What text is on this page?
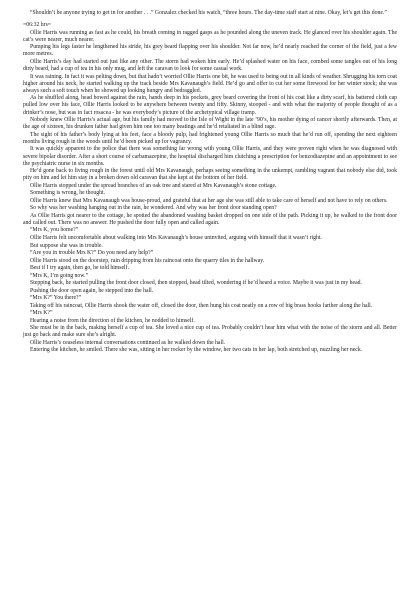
“Shouldn’t be anyone trying to get in for another . . .” Gonzalez checked his watch, “three hours. The day-time staff start at nine. Okay, let’s get this done.”

=06:32 hrs=

Ollie Harris was running as fast as he could, his breath coming in ragged gasps as he pounded along the uneven track. He glanced over his shoulder again. The cat’s were nearer, much nearer.

Pumping his legs faster he lengthened his stride, his grey beard flapping over his shoulder. Not far now, he’d nearly reached the corner of the field, just a few more metres.

Ollie Harris’s day had started out just like any other. The storm had woken him early. He’d splashed water on his face, combed some tangles out of his long dirty beard, had a cup of tea in his only mug, and left the caravan to look for some casual work.

It was raining. In fact it was pelting down, but that hadn’t worried Ollie Harris one bit, he was used to being out in all kinds of weather. Shrugging his torn coat higher around his neck, he started walking up the track beside Mrs Kavanaugh’s field. He’d go and offer to cut her some firewood for her winter stock; she was always such a soft touch when he showed up looking hungry and bedraggled.

As he shuffled along, head bowed against the rain, hands deep in his pockets, grey beard covering the front of his coat like a dirty scarf, his battered cloth cap pulled low over his face, Ollie Harris looked to be anywhere between twenty and fifty. Skinny, stooped - and with what the majority of people thought of as a drinker’s nose, but was in fact rosacea - he was everybody’s picture of the archetypical village tramp.

Nobody knew Ollie Harris’s actual age, but his family had moved to the Isle of Wight in the late ’90’s, his mother dying of cancer shortly afterwards. Then, at the age of sixteen, his drunken father had given him one too many beatings and he’d retaliated in a blind rage.

The sight of his father’s body lying at his feet, face a bloody pulp, had frightened young Ollie Harris so much that he’d run off, spending the next eighteen months living rough in the woods until he’d been picked up for vagrancy.

It was quickly apparent to the police that there was something far wrong with young Ollie Harris, and they were proven right when he was diagnosed with severe bipolar disorder. After a short course of carbamazepine, the hospital discharged him clutching a prescription for benzodiazepine and an appointment to see the psychiatric nurse in six months.

He’d gone back to living rough in the forest until old Mrs Kavanaugh, perhaps seeing something in the unkempt, rambling vagrant that nobody else did, took pity on him and let him stay in a broken down old caravan that she kept at the bottom of her field.

Ollie Harris stopped under the spread branches of an oak tree and stared at Mrs Kavanaugh’s stone cottage.

Something is wrong, he thought.

Ollie Harris knew that Mrs Kavanaugh was house-proud, and grateful that at her age she was still able to take care of herself and not have to rely on others.

So why was her washing hanging out in the rain, he wondered. And why was her front door standing open?

As Ollie Harris got nearer to the cottage, he spotted the abandoned washing basket dropped on one side of the path. Picking it up, he walked to the front door and called out. There was no answer. He pushed the door fully open and called again.

“Mrs K, you home?”

Ollie Harris felt uncomfortable about walking into Mrs Kavanaugh’s house uninvited, arguing with himself that it wasn’t right.

But suppose she was in trouble.

“Are you in trouble Mrs K?” Do you need any help?”

Ollie Harris stood on the doorstep, rain dripping from his raincoat onto the quarry tiles in the hallway.

Best if I try again, then go, he told himself.

“Mrs K, I’m going now.”

Stepping back, he started pulling the front door closed, then stopped, head tilted, wondering if he’d heard a voice. Maybe it was just in my head.

Pushing the door open again, he stepped into the hall.

“Mrs K?” You there?”

Taking off his raincoat, Ollie Harris shook the water off, closed the door, then hung his coat neatly on a row of big brass hooks farther along the hall.

“Mrs K?”

Hearing a noise from the direction of the kitchen, he nodded to himself.

She must be in the back, making herself a cup of tea. She loved a nice cup of tea. Probably couldn’t hear him what with the noise of the storm and all. Better just go back and make sure she’s alright.

Ollie Harris’s ceaseless internal conversations continued as he walked down the hall.

Entering the kitchen, he smiled. There she was, sitting in her rocker by the window, her two cats in her lap, both stretched up, nuzzling her neck.
